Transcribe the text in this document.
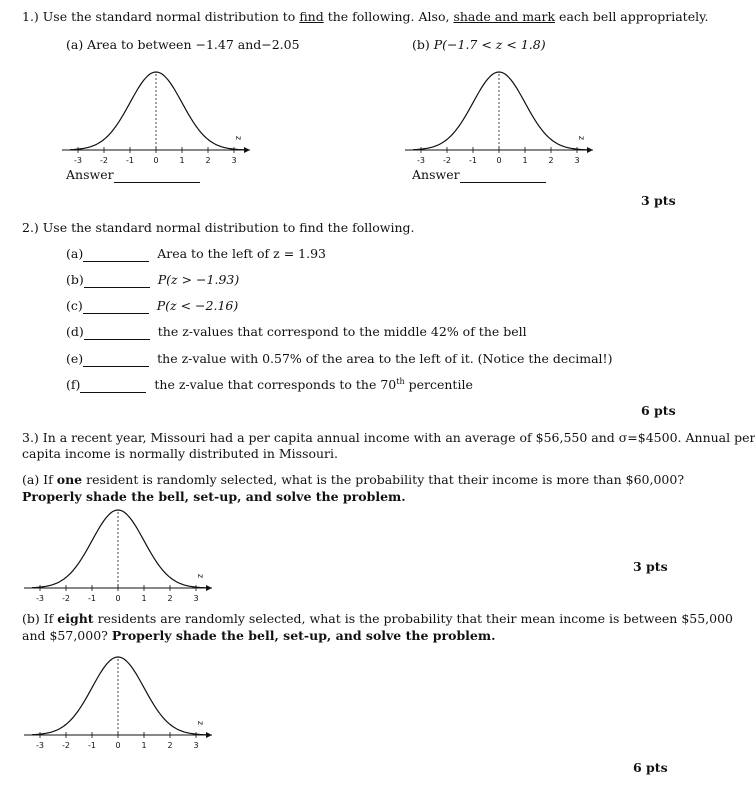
1.) Use the standard normal distribution to find the following. Also, shade and mark each bell appropriately.
(a) Area to between −1.47 and−2.05	(b) P(−1.7 < z < 1.8)
-3 -2 -1 0	1	2	3
z
-3 -2 -1 0	1	2	3
z
Answer	Answer
3 pts
2.) Use the standard normal distribution to find the following.
(a)	Area to the left of z = 1.93
(b)	P(z > −1.93)
(c)	P(z < −2.16)
(d)	the z-values that correspond to the middle 42% of the bell
(e)	the z-value with 0.57% of the area to the left of it. (Notice the decimal!)
(f)	the z-value that corresponds to the 70th percentile
6 pts
3.) In a recent year, Missouri had a per capita annual income with an average of $56,550 and σ=$4500. Annual per
capita income is normally distributed in Missouri.
(a) If one resident is randomly selected, what is the probability that their income is more than $60,000?
Properly shade the bell, set-up, and solve the problem.
-3 -2 -1 0	1	2	3
z
3 pts
(b) If eight residents are randomly selected, what is the probability that their mean income is between $55,000
and $57,000? Properly shade the bell, set-up, and solve the problem.
-3 -2 -1 0	1	2	3
z
6 pts
